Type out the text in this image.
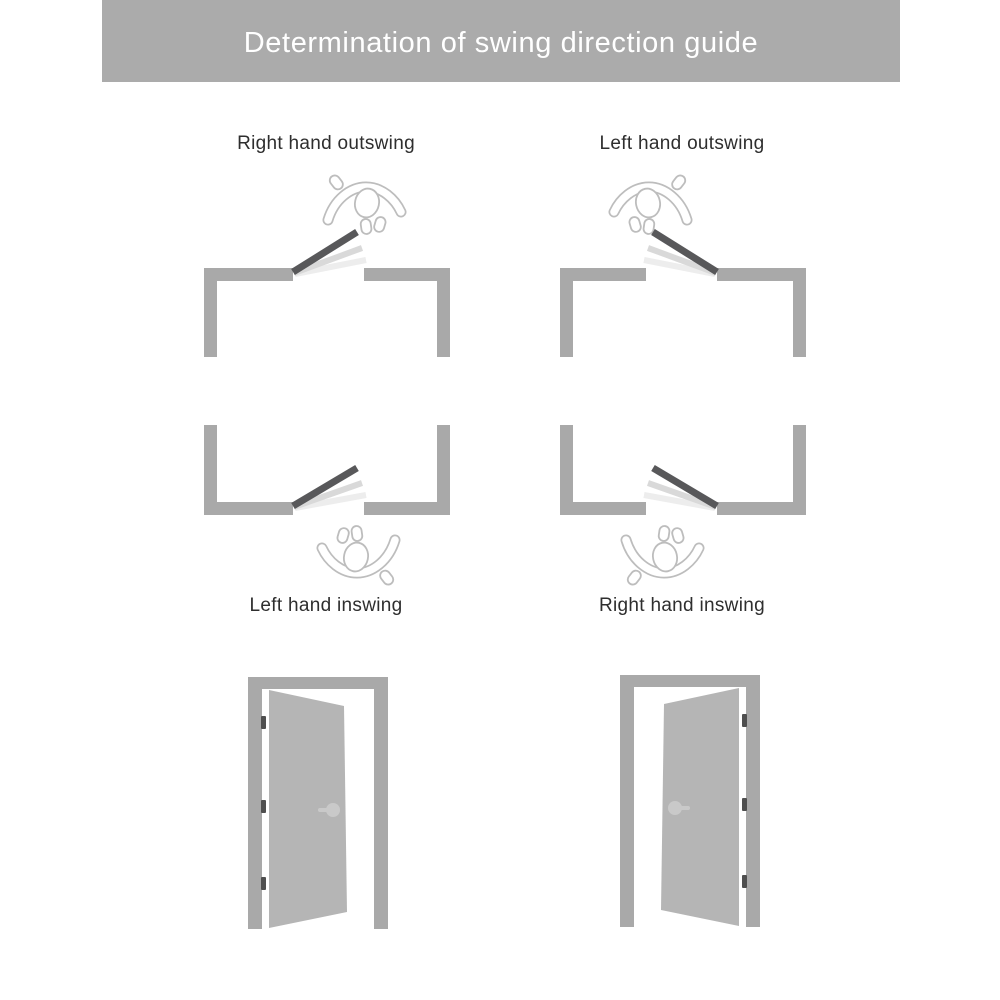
Determination of swing direction guide
Right hand outswing	Left hand outswing
Left hand inswing	Right hand inswing
